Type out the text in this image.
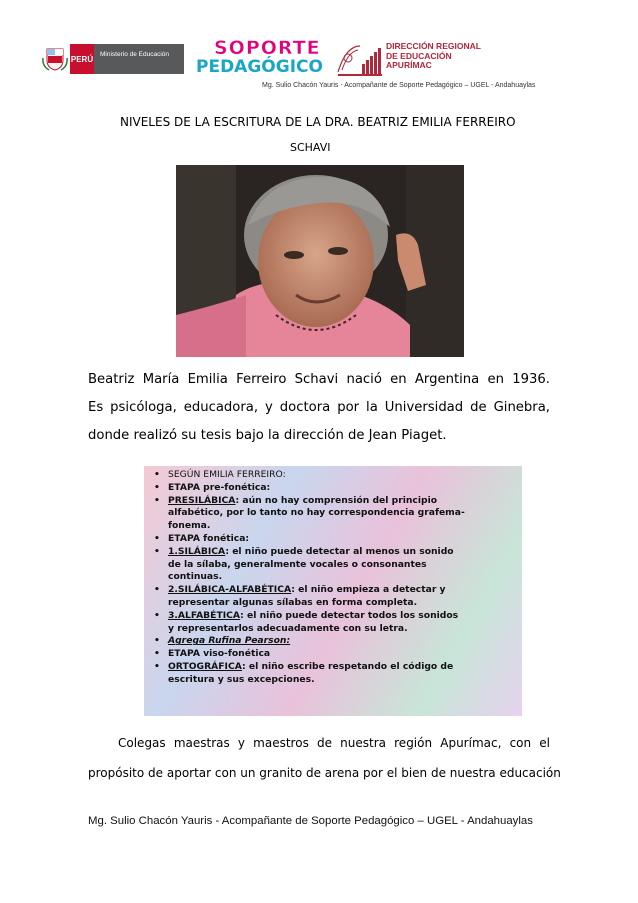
PERÚ	Ministerio de Educación	SOPORTE
PEDAGÓGICO
DIRECCIÓN REGIONAL
DE EDUCACIÓN
APURÍMAC
Mg. Sulio Chacón Yauris - Acompañante de Soporte Pedagógico – UGEL - Andahuaylas
NIVELES DE LA ESCRITURA DE LA DRA. BEATRIZ EMILIA FERREIRO
SCHAVI
Beatriz María Emilia Ferreiro Schavi nació en Argentina en 1936.
Es psicóloga, educadora, y doctora por la Universidad de Ginebra,
donde realizó su tesis bajo la dirección de Jean Piaget.
• SEGÚN EMILIA FERREIRO:
• ETAPA pre-fonética:
• PRESILÁBICA: aún no hay comprensión del principio
alfabético, por lo tanto no hay correspondencia grafema-
fonema.
• ETAPA fonética:
• 1.SILÁBICA: el niño puede detectar al menos un sonido
de la sílaba, generalmente vocales o consonantes
continuas.
• 2.SILÁBICA-ALFABÉTICA: el niño empieza a detectar y
representar algunas sílabas en forma completa.
• 3.ALFABÉTICA: el niño puede detectar todos los sonidos
y representarlos adecuadamente con su letra.
• Agrega Rufina Pearson:
• ETAPA viso-fonética
• ORTOGRÁFICA: el niño escribe respetando el código de
escritura y sus excepciones.
Colegas maestras y maestros de nuestra región Apurímac, con el
propósito de aportar con un granito de arena por el bien de nuestra educación
Mg. Sulio Chacón Yauris - Acompañante de Soporte Pedagógico – UGEL - Andahuaylas
